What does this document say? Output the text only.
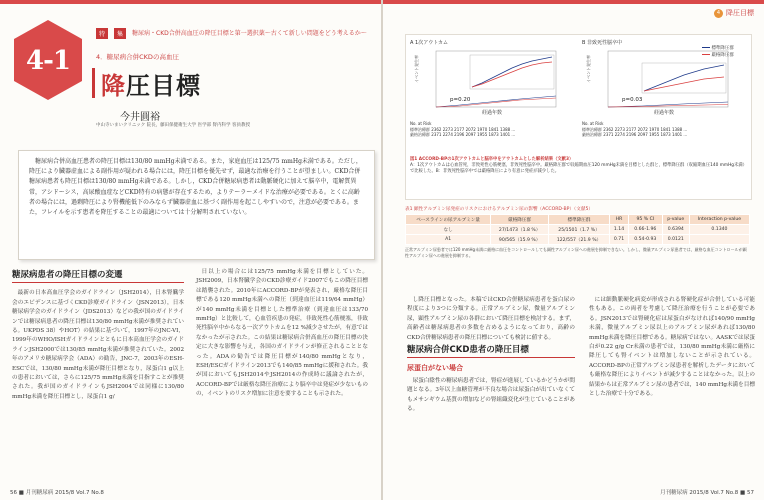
4-1
特	集	糖尿病・CKD合併高血圧の降圧目標と第一選択薬〜古くて新しい問題をどう考えるか〜
4．糖尿病合併CKDの高血圧
降圧目標
今井圓裕
中山寺いまいクリニック 院長，藤田保健衛生大学 医学部 腎内科学 客員教授

糖尿病合併高血圧患者の降圧目標は130/80 mmHg未満である。また，家庭血圧は125/75 mmHg未満である。ただし，降圧により臓器虚血による副作用が疑われる場合には，降圧目標を優先せず，最適な治療を行うことが望ましい。CKD合併糖尿病患者も降圧目標は130/80 mmHg未満である。しかし，CKD合併糖尿病患者は動脈硬化に加えて脳卒中，電解質異常，アシドーシス，高尿酸血症などCKD特有の病態が存在するため，よりテーラーメイドな治療が必要である。とくに高齢者の場合には，過剰降圧により腎機能低下のみならず臓器虚血に基づく副作用を起こしやすいので，注意が必要である。また，フレイルを示す患者を降圧することの最適については十分解明されていない。

糖尿病患者の降圧目標の変遷

最新の日本高血圧学会のガイドライン（JSH2014），日本腎臓学会のエビデンスに基づくCKD診療ガイドライン（JSN2013），日本糖尿病学会のガイドライン（JDS2013）などの我が国のガイドラインでは糖尿病患者の降圧目標は130/80 mmHg未満が推奨されている。UKPDS 38）やHOT）の結果に基づいて，1997年のJNC-VI，1999年のWHO/ISHガイドラインとともに日本高血圧学会のガイドラインJSH2000では130/85 mmHg未満が推奨されていた。2002年のアメリカ糖尿病学会（ADA）の勧告，JNC-7，2003年のESH-ESCでは，130/80 mmHg未満が降圧目標となり，尿蛋白1 g以上の患者においては，さらに125/75 mmHg未満を目指すことが推奨された。我が国のガイドラインもJSH2004では同様に130/80 mmHg未満を降圧目標とし，尿蛋白1 g/

日以上の場合には125/75 mmHg未満を目標としていた。JSH2009，日本腎臓学会のCKD診療ガイド2007でもこの降圧目標は踏襲された。2010年にACCORD-BPが発表され，厳格な降圧目標である120 mmHg未満への降圧（到達血圧は119/64 mmHg）が140 mmHg未満を目標とした標準治療（到達血圧は133/70 mmHg）と比較して，心血管疾患の発症，非致死性心筋梗塞，非致死性脳卒中からなる一次アウトカムを12 %減少させたが，有意ではなかったが示された。この結果は糖尿病合併高血圧の降圧目標の決定に大きな影響を与え，各国のガイドラインが修正されることとなった。ADAの勧告では降圧目標が140/80 mmHgとなり，ESH/ESCガイドライン2013でも140/85 mmHgに緩和された。我が国においてもJSH2014やJSH2014の作成時に議論されたが，ACCORD-BPでは厳格な降圧治療により脳卒中は発症が少ないものの，イベントのリスク増加に注意を要することも示された。

56 ■ 月刊糖尿病 2015/8 Vol.7 No.8
4 降圧目標
A 1次アウトカム
イベント発生率
p=0.20
経過年数
No. at Risk
標準治療群 2362 2273 2177 2072 1970 1841 1388 ...
厳格治療群 2371 2274 2196 2097 1955 1873 1401 ...
B 非致死性脳卒中
標準降圧群
厳格降圧群
イベント発生率
p=0.03
経過年数
No. at Risk
標準治療群 2362 2273 2177 2072 1970 1841 1388 ...
厳格治療群 2371 2274 2196 2097 1955 1873 1401 ...
図1 ACCORD-BPの1次アウトカムと脳卒中をアウトカムとした解析結果（文献3）
A：1次アウトカムは心血管死，非致死性心筋梗塞，非致死性脳卒中。厳格降圧群で収縮期血圧120 mmHg未満を目標とした群と，標準降圧群（収縮期血圧140 mmHg未満）で比較した。B：非致死性脳卒中では厳格降圧により有意に発症が減少した。
表1 顕性アルブミン尿発症のリスクにおけるアルブミン尿の影響（ACCORD-BP）（文献5）
ベースラインの尿アルブミン量	厳格降圧群	標準降圧群	HR	95 % CI	p-value	Interaction p-value
なし	27/1473（1.8 %）	25/1501（1.7 %）	1.14	0.66-1.96	0.6394	0.1340
A1	90/565（15.9 %）	122/557（21.9 %）	0.71	0.54-0.93	0.0121	
正常アルブミン尿患者では120 mmHg未満に厳格に血圧をコントロールしても顕性アルブミン尿への進展を抑制できない。しかし，微量アルブミン尿患者では，厳格な血圧コントロールが顕性アルブミン尿への進展を抑制する。

し降圧目標となった。本稿ではCKD合併糖尿病患者を蛋白尿の程度により3つに分類する。正常アルブミン尿，微量アルブミン尿，顕性アルブミン尿の各群において降圧目標を検討する。まず，高齢者は糖尿病患者の多数を占めるようになっており，高齢のCKD合併糖尿病患者の降圧目標についても検討に値する。

糖尿病合併CKD患者の降圧目標
尿蛋白がない場合

尿蛋白陰性の糖尿病患者では，腎症が進展しているかどうかが問題となる。3年以上血糖管理が不良な場合は尿蛋白が出ていなくてもメサンギウム基質の増加などの腎組織変化が生じていることがある。

には細動脈硬化病変が形成される腎硬化症が合併している可能性もある。この両者を考慮して降圧治療を行うことが必要である。JSN2013では腎硬化症は尿蛋白がなければ140/90 mmHg未満，微量アルブミン尿以上のアルブミン尿があれば130/80 mmHg未満を降圧目標である。糖尿病ではない。AASKでは尿蛋白が0.22 g/g Cr未満の患者では，130/80 mmHg未満に厳格に降圧しても腎イベントは増加しないことが示されている。ACCORD-BPの正常アルブミン尿患者を解析したデータにおいても厳格な降圧によりイベントが減少することはなかった。以上の結果からは正常アルブミン尿の患者では，140 mmHg未満を目標とした治療で十分である。

月刊糖尿病 2015/8 Vol.7 No.8 ■ 57
